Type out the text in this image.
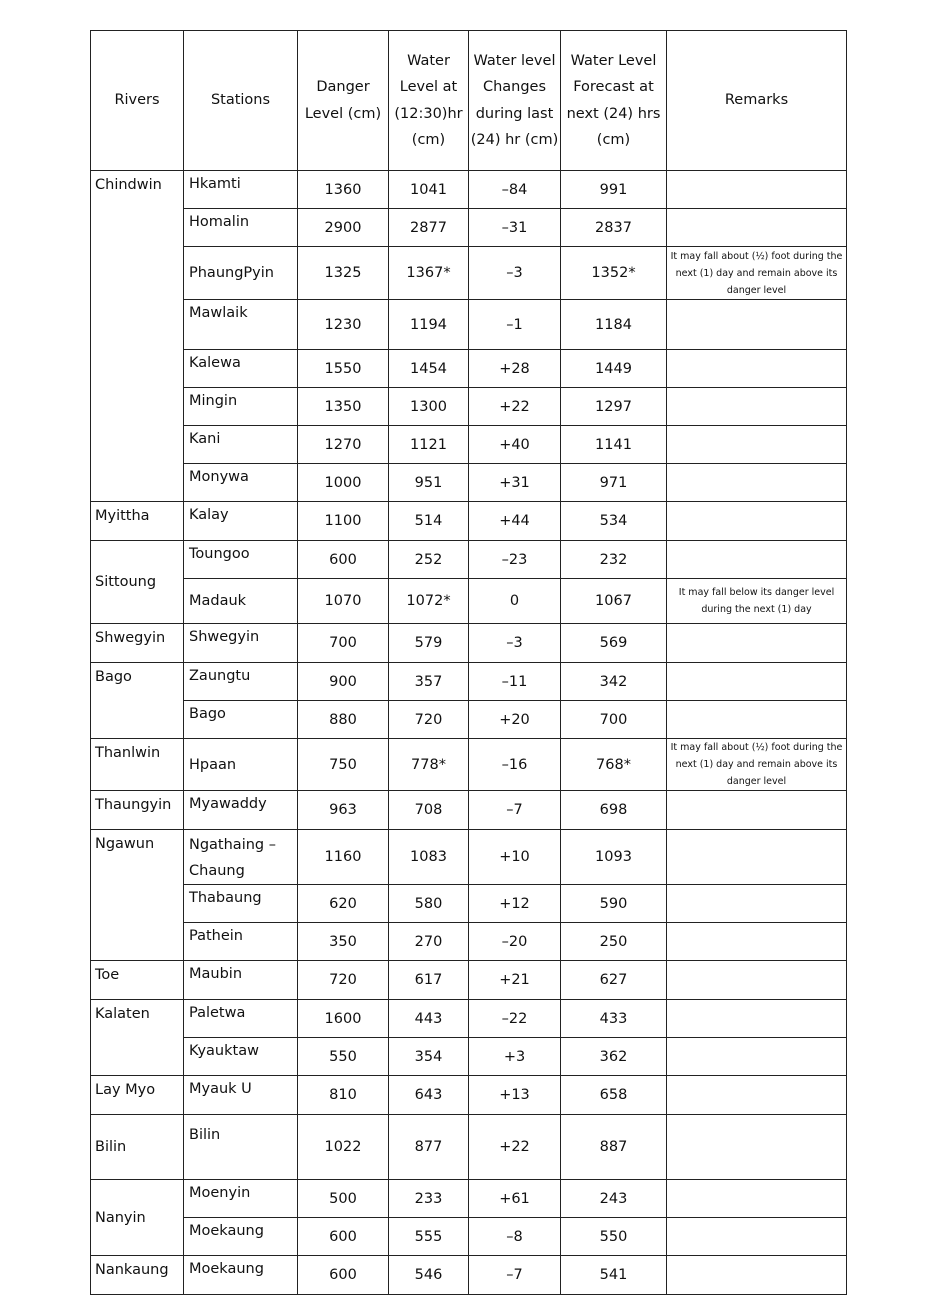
Rivers	Stations	Danger Level (cm)	Water Level at (12:30)hr (cm)	Water level Changes during last (24) hr (cm)	Water Level Forecast at next (24) hrs (cm)	Remarks
Chindwin	Hkamti	1360	1041	–84	991	
	Homalin	2900	2877	–31	2837	
	PhaungPyin	1325	1367*	–3	1352*	It may fall about (½) foot during the next (1) day and remain above its danger level
	Mawlaik	1230	1194	–1	1184	
	Kalewa	1550	1454	+28	1449	
	Mingin	1350	1300	+22	1297	
	Kani	1270	1121	+40	1141	
	Monywa	1000	951	+31	971	
Myittha	Kalay	1100	514	+44	534	
Sittoung	Toungoo	600	252	–23	232	
	Madauk	1070	1072*	0	1067	It may fall below its danger level during the next (1) day
Shwegyin	Shwegyin	700	579	–3	569	
Bago	Zaungtu	900	357	–11	342	
	Bago	880	720	+20	700	
Thanlwin	Hpaan	750	778*	–16	768*	It may fall about (½) foot during the next (1) day and remain above its danger level
Thaungyin	Myawaddy	963	708	–7	698	
Ngawun	Ngathaing – Chaung	1160	1083	+10	1093	
	Thabaung	620	580	+12	590	
	Pathein	350	270	–20	250	
Toe	Maubin	720	617	+21	627	
Kalaten	Paletwa	1600	443	–22	433	
	Kyauktaw	550	354	+3	362	
Lay Myo	Myauk U	810	643	+13	658	
Bilin	Bilin	1022	877	+22	887	
Nanyin	Moenyin	500	233	+61	243	
	Moekaung	600	555	–8	550	
Nankaung	Moekaung	600	546	–7	541	
